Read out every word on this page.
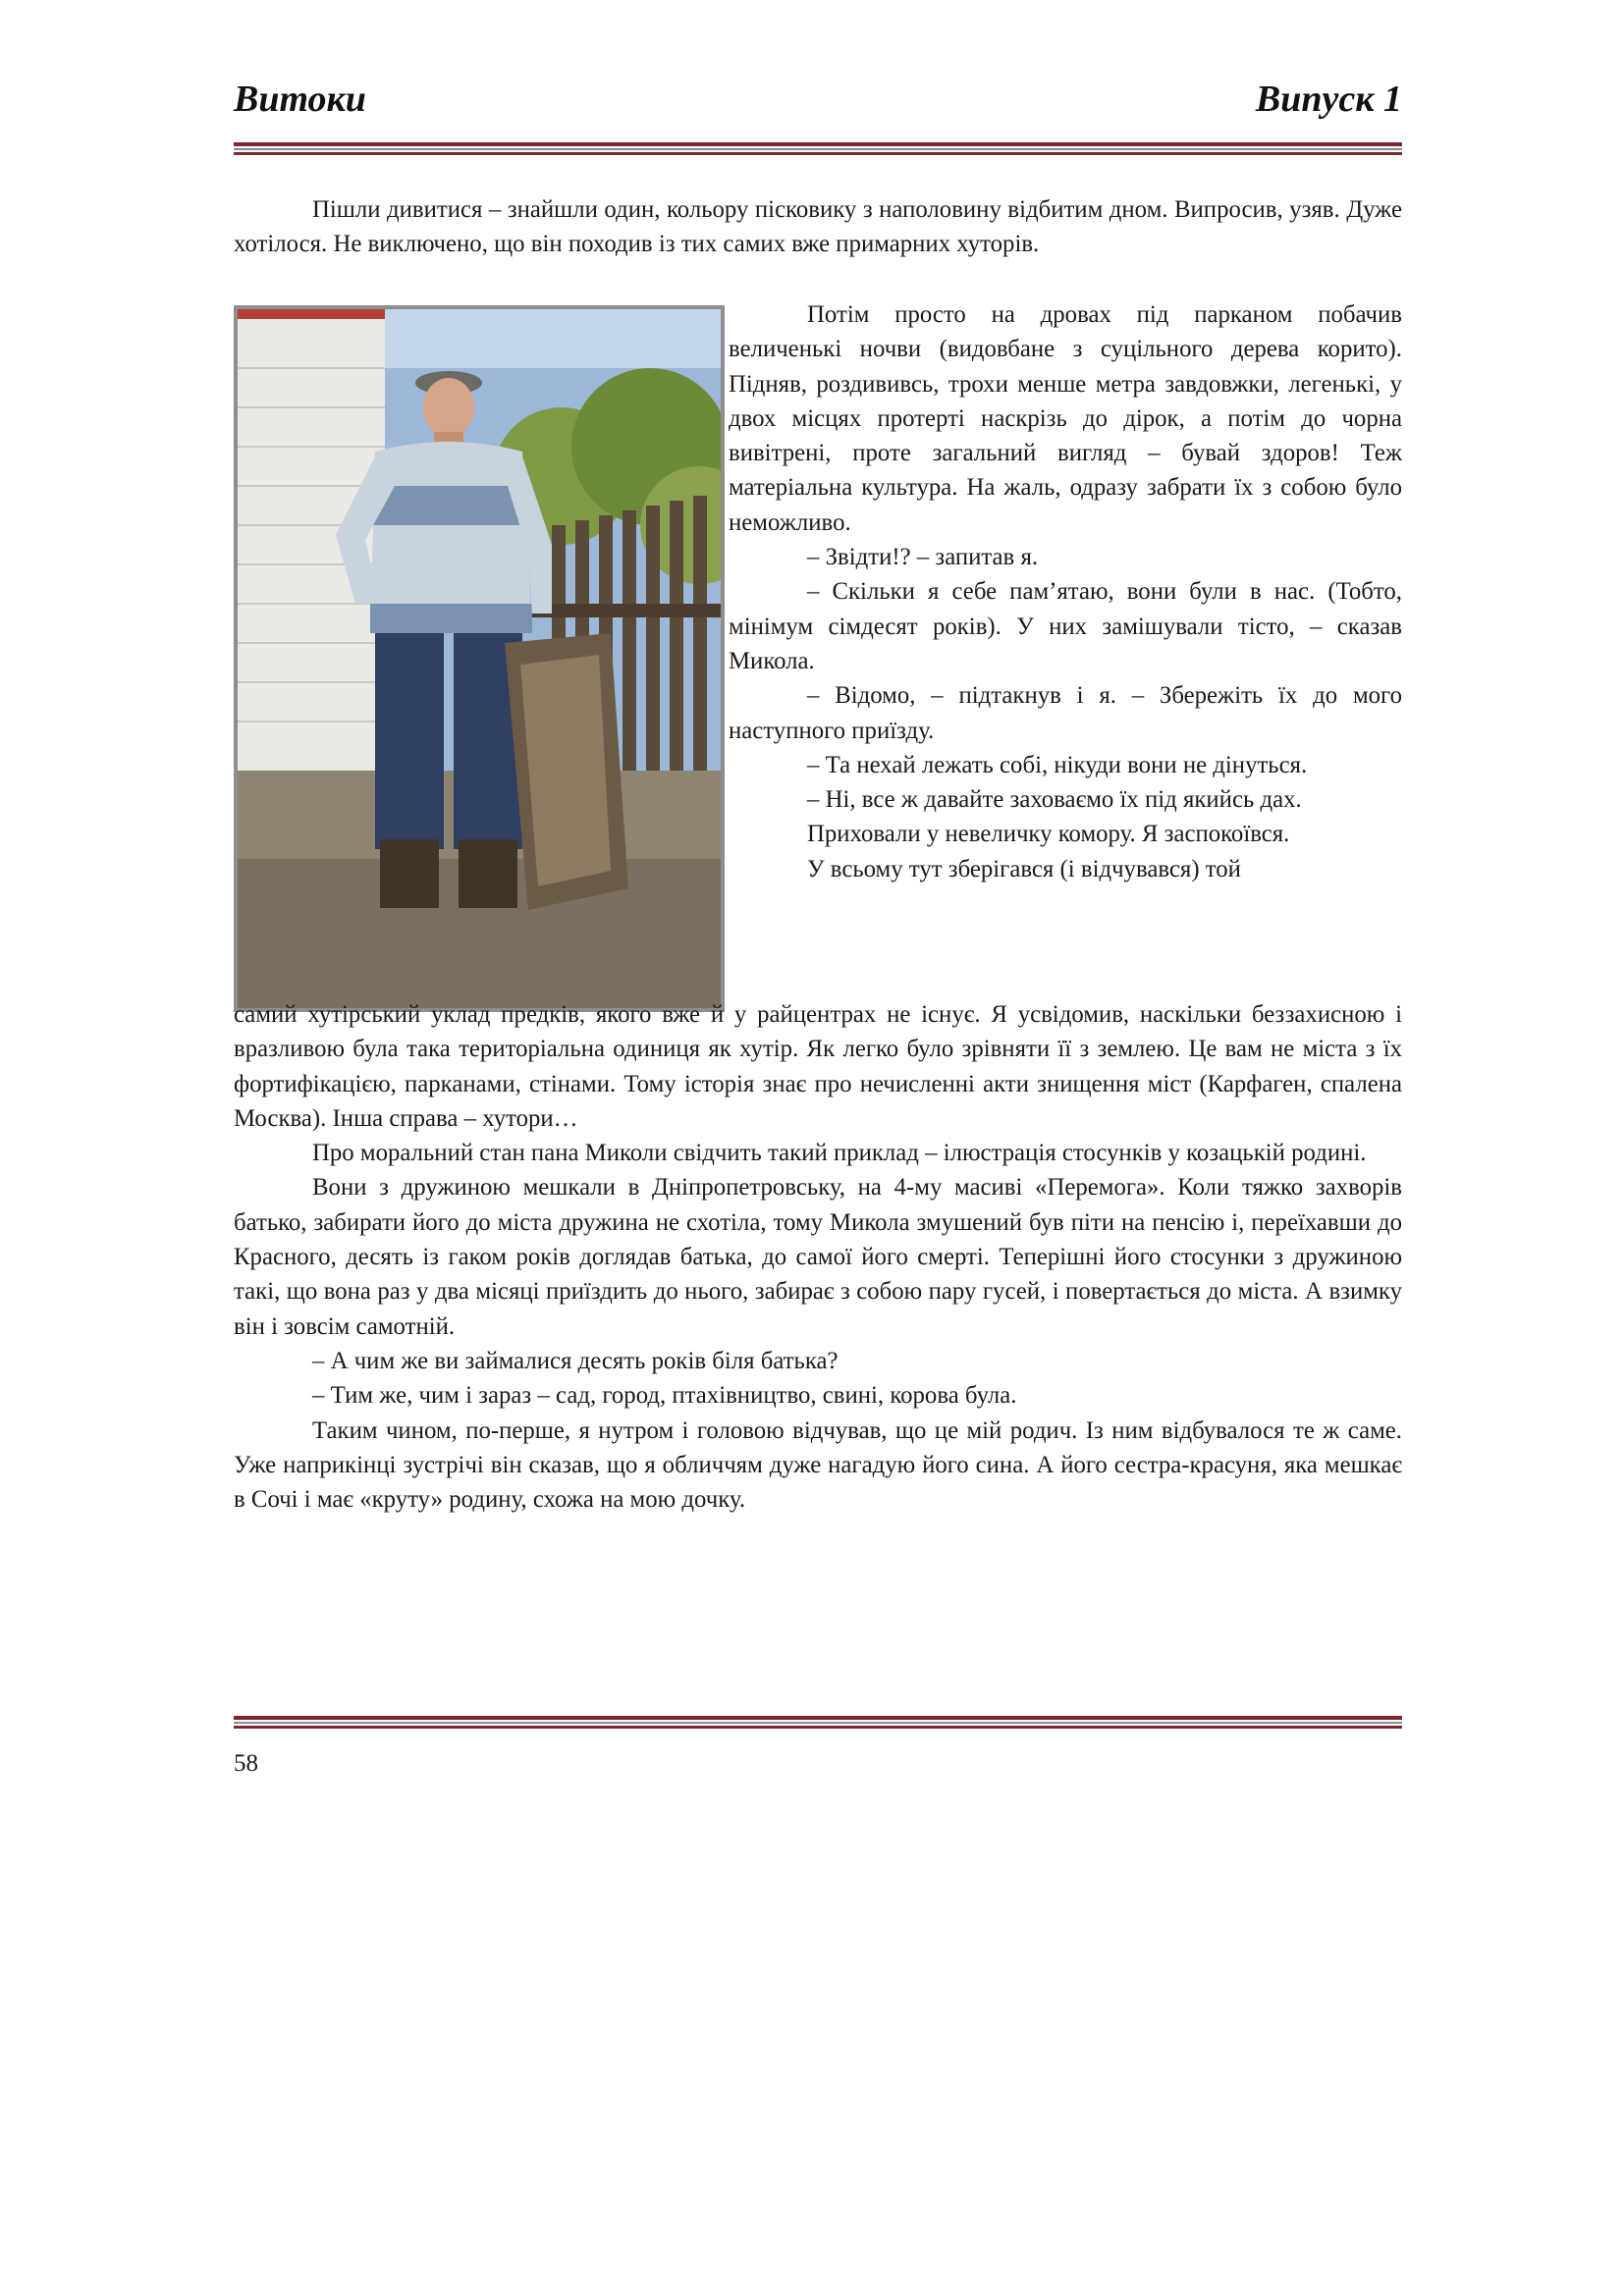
Витоки	Випуск 1

Пішли дивитися – знайшли один, кольору пісковику з наполовину відбитим дном. Випросив, узяв. Дуже хотілося. Не виключено, що він походив із тих самих вже примарних хуторів.

Потім просто на дровах під парканом побачив величенькі ночви (видовбане з суцільного дерева корито). Підняв, роздививсь, трохи менше метра завдовжки, легенькі, у двох місцях протерті наскрізь до дірок, а потім до чорна вивітрені, проте загальний вигляд – бувай здоров! Теж матеріальна культура. На жаль, одразу забрати їх з собою було неможливо.

– Звідти!? – запитав я.

– Скільки я себе пам’ятаю, вони були в нас. (Тобто, мінімум сімдесят років). У них замішували тісто, – сказав Микола.

– Відомо, – підтакнув і я. – Збережіть їх до мого наступного приїзду.

– Та нехай лежать собі, нікуди вони не дінуться.

– Ні, все ж давайте заховаємо їх під якийсь дах.

Приховали у невеличку комору. Я заспокоївся.

У всьому тут зберігався (і відчувався) той

самий хутірський уклад предків, якого вже й у райцентрах не існує. Я усвідомив, наскільки беззахисною і вразливою була така територіальна одиниця як хутір. Як легко було зрівняти її з землею. Це вам не міста з їх фортифікацією, парканами, стінами. Тому історія знає про нечисленні акти знищення міст (Карфаген, спалена Москва). Інша справа – хутори…

Про моральний стан пана Миколи свідчить такий приклад – ілюстрація стосунків у козацькій родині.

Вони з дружиною мешкали в Дніпропетровську, на 4-му масиві «Перемога». Коли тяжко захворів батько, забирати його до міста дружина не схотіла, тому Микола змушений був піти на пенсію і, переїхавши до Красного, десять із гаком років доглядав батька, до самої його смерті. Теперішні його стосунки з дружиною такі, що вона раз у два місяці приїздить до нього, забирає з собою пару гусей, і повертається до міста. А взимку він і зовсім самотній.

– А чим же ви займалися десять років біля батька?

– Тим же, чим і зараз – сад, город, птахівництво, свині, корова була.

Таким чином, по-перше, я нутром і головою відчував, що це мій родич. Із ним відбувалося те ж саме. Уже наприкінці зустрічі він сказав, що я обличчям дуже нагадую його сина. А його сестра-красуня, яка мешкає в Сочі і має «круту» родину, схожа на мою дочку.

58
